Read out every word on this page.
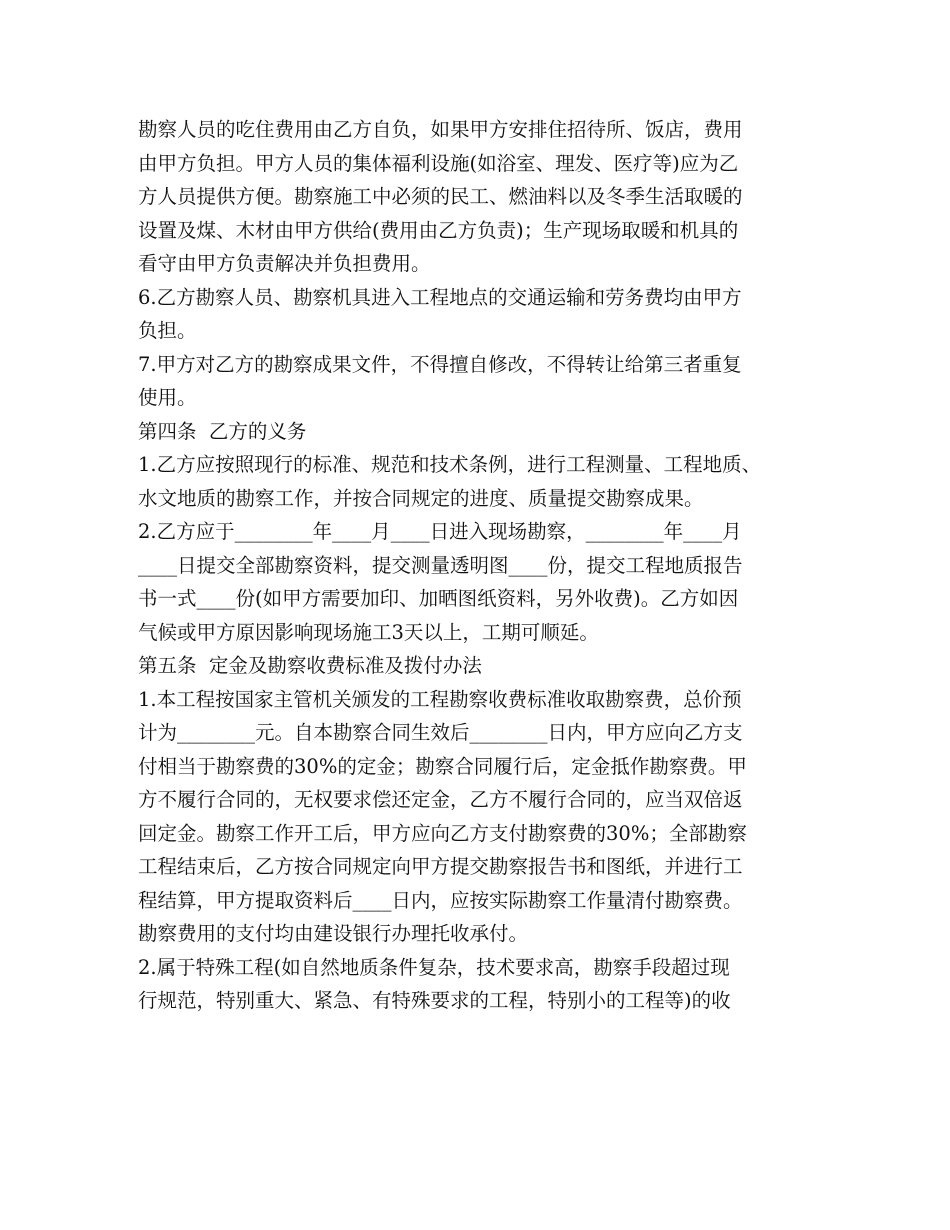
勘察人员的吃住费用由乙方自负，如果甲方安排住招待所、饭店，费用
由甲方负担。甲方人员的集体福利设施(如浴室、理发、医疗等)应为乙
方人员提供方便。勘察施工中必须的民工、燃油料以及冬季生活取暖的
设置及煤、木材由甲方供给(费用由乙方负责)；生产现场取暖和机具的
看守由甲方负责解决并负担费用。
6.乙方勘察人员、勘察机具进入工程地点的交通运输和劳务费均由甲方
负担。
7.甲方对乙方的勘察成果文件，不得擅自修改，不得转让给第三者重复
使用。
第四条  乙方的义务
1.乙方应按照现行的标准、规范和技术条例，进行工程测量、工程地质、
水文地质的勘察工作，并按合同规定的进度、质量提交勘察成果。
2.乙方应于________年____月____日进入现场勘察，________年____月
____日提交全部勘察资料，提交测量透明图____份，提交工程地质报告
书一式____份(如甲方需要加印、加晒图纸资料，另外收费)。乙方如因
气候或甲方原因影响现场施工3天以上，工期可顺延。
第五条  定金及勘察收费标准及拨付办法
1.本工程按国家主管机关颁发的工程勘察收费标准收取勘察费，总价预
计为________元。自本勘察合同生效后________日内，甲方应向乙方支
付相当于勘察费的30%的定金；勘察合同履行后，定金抵作勘察费。甲
方不履行合同的，无权要求偿还定金，乙方不履行合同的，应当双倍返
回定金。勘察工作开工后，甲方应向乙方支付勘察费的30%；全部勘察
工程结束后，乙方按合同规定向甲方提交勘察报告书和图纸，并进行工
程结算，甲方提取资料后____日内，应按实际勘察工作量清付勘察费。
勘察费用的支付均由建设银行办理托收承付。
2.属于特殊工程(如自然地质条件复杂，技术要求高，勘察手段超过现
行规范，特别重大、紧急、有特殊要求的工程，特别小的工程等)的收
